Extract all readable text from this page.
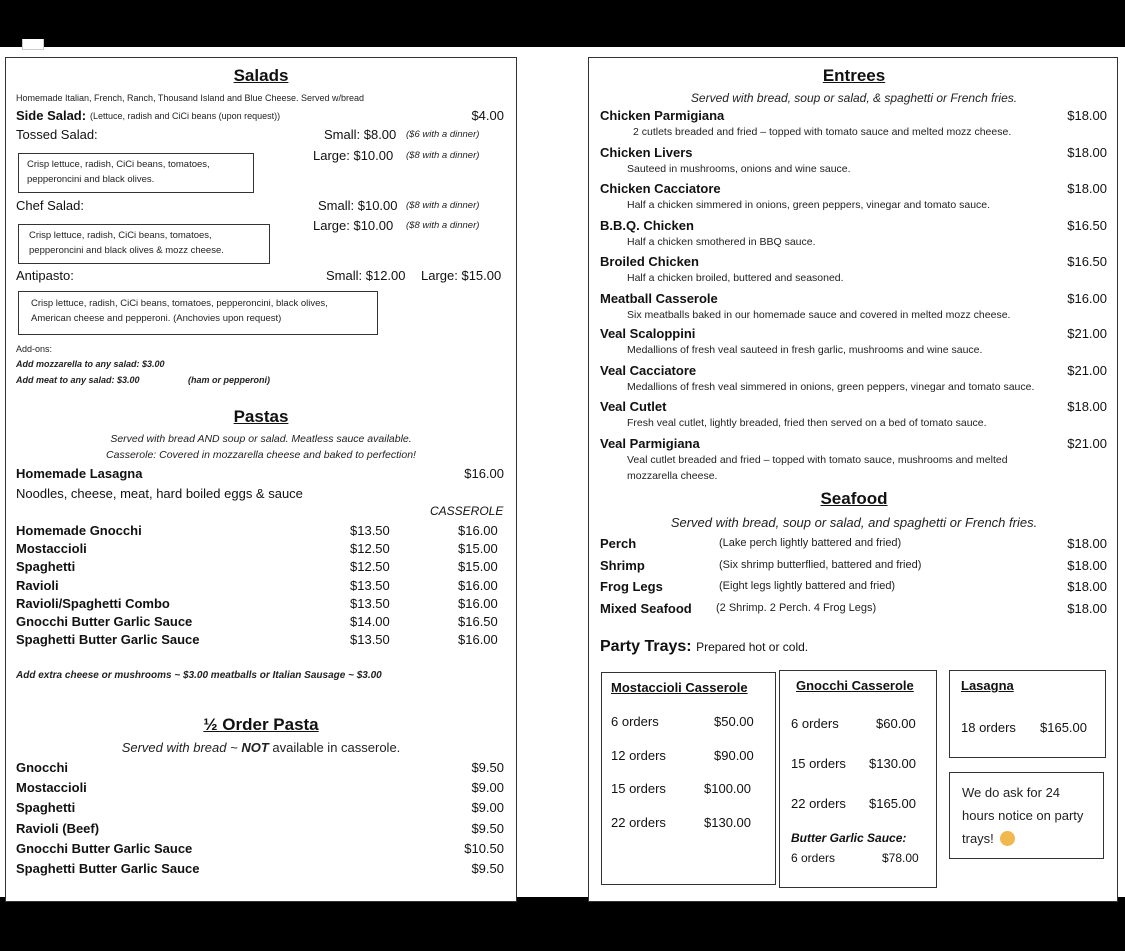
Salads
Homemade Italian, French, Ranch, Thousand Island and Blue Cheese. Served w/bread
Side Salad: (Lettuce, radish and CiCi beans (upon request))	$4.00
Tossed Salad:	Small: $8.00 ($6 with a dinner)
Large: $10.00 ($8 with a dinner)
Crisp lettuce, radish, CiCi beans, tomatoes, pepperoncini and black olives.
Chef Salad:	Small: $10.00 ($8 with a dinner)
Large: $10.00 ($8 with a dinner)
Crisp lettuce, radish, CiCi beans, tomatoes, pepperoncini and black olives & mozz cheese.
Antipasto:	Small: $12.00 Large: $15.00
Crisp lettuce, radish, CiCi beans, tomatoes, pepperoncini, black olives, American cheese and pepperoni. (Anchovies upon request)
Add-ons:
Add mozzarella to any salad: $3.00
Add meat to any salad: $3.00	(ham or pepperoni)
Pastas
Served with bread AND soup or salad. Meatless sauce available.
Casserole: Covered in mozzarella cheese and baked to perfection!
Homemade Lasagna	$16.00
Noodles, cheese, meat, hard boiled eggs & sauce
CASSEROLE
Homemade Gnocchi	$13.50	$16.00
Mostaccioli	$12.50	$15.00
Spaghetti	$12.50	$15.00
Ravioli	$13.50	$16.00
Ravioli/Spaghetti Combo	$13.50	$16.00
Gnocchi Butter Garlic Sauce	$14.00	$16.50
Spaghetti Butter Garlic Sauce	$13.50	$16.00
Add extra cheese or mushrooms ~ $3.00 meatballs or Italian Sausage ~ $3.00
½ Order Pasta
Served with bread ~ NOT available in casserole.
Gnocchi	$9.50
Mostaccioli	$9.00
Spaghetti	$9.00
Ravioli (Beef)	$9.50
Gnocchi Butter Garlic Sauce	$10.50
Spaghetti Butter Garlic Sauce	$9.50
Entrees
Served with bread, soup or salad, & spaghetti or French fries.
Chicken Parmigiana	$18.00
2 cutlets breaded and fried – topped with tomato sauce and melted mozz cheese.
Chicken Livers	$18.00
Sauteed in mushrooms, onions and wine sauce.
Chicken Cacciatore	$18.00
Half a chicken simmered in onions, green peppers, vinegar and tomato sauce.
B.B.Q. Chicken	$16.50
Half a chicken smothered in BBQ sauce.
Broiled Chicken	$16.50
Half a chicken broiled, buttered and seasoned.
Meatball Casserole	$16.00
Six meatballs baked in our homemade sauce and covered in melted mozz cheese.
Veal Scaloppini	$21.00
Medallions of fresh veal sauteed in fresh garlic, mushrooms and wine sauce.
Veal Cacciatore	$21.00
Medallions of fresh veal simmered in onions, green peppers, vinegar and tomato sauce.
Veal Cutlet	$18.00
Fresh veal cutlet, lightly breaded, fried then served on a bed of tomato sauce.
Veal Parmigiana	$21.00
Veal cutlet breaded and fried – topped with tomato sauce, mushrooms and melted
mozzarella cheese.
Seafood
Served with bread, soup or salad, and spaghetti or French fries.
Perch	(Lake perch lightly battered and fried)	$18.00
Shrimp	(Six shrimp butterflied, battered and fried)	$18.00
Frog Legs	(Eight legs lightly battered and fried)	$18.00
Mixed Seafood (2 Shrimp. 2 Perch. 4 Frog Legs)	$18.00
Party Trays: Prepared hot or cold.
Mostaccioli Casserole
6 orders	$50.00
12 orders	$90.00
15 orders	$100.00
22 orders	$130.00
Gnocchi Casserole
6 orders	$60.00
15 orders $130.00
22 orders $165.00
Butter Garlic Sauce:
6 orders	$78.00
Lasagna
18 orders $165.00
We do ask for 24 hours notice on party trays!
